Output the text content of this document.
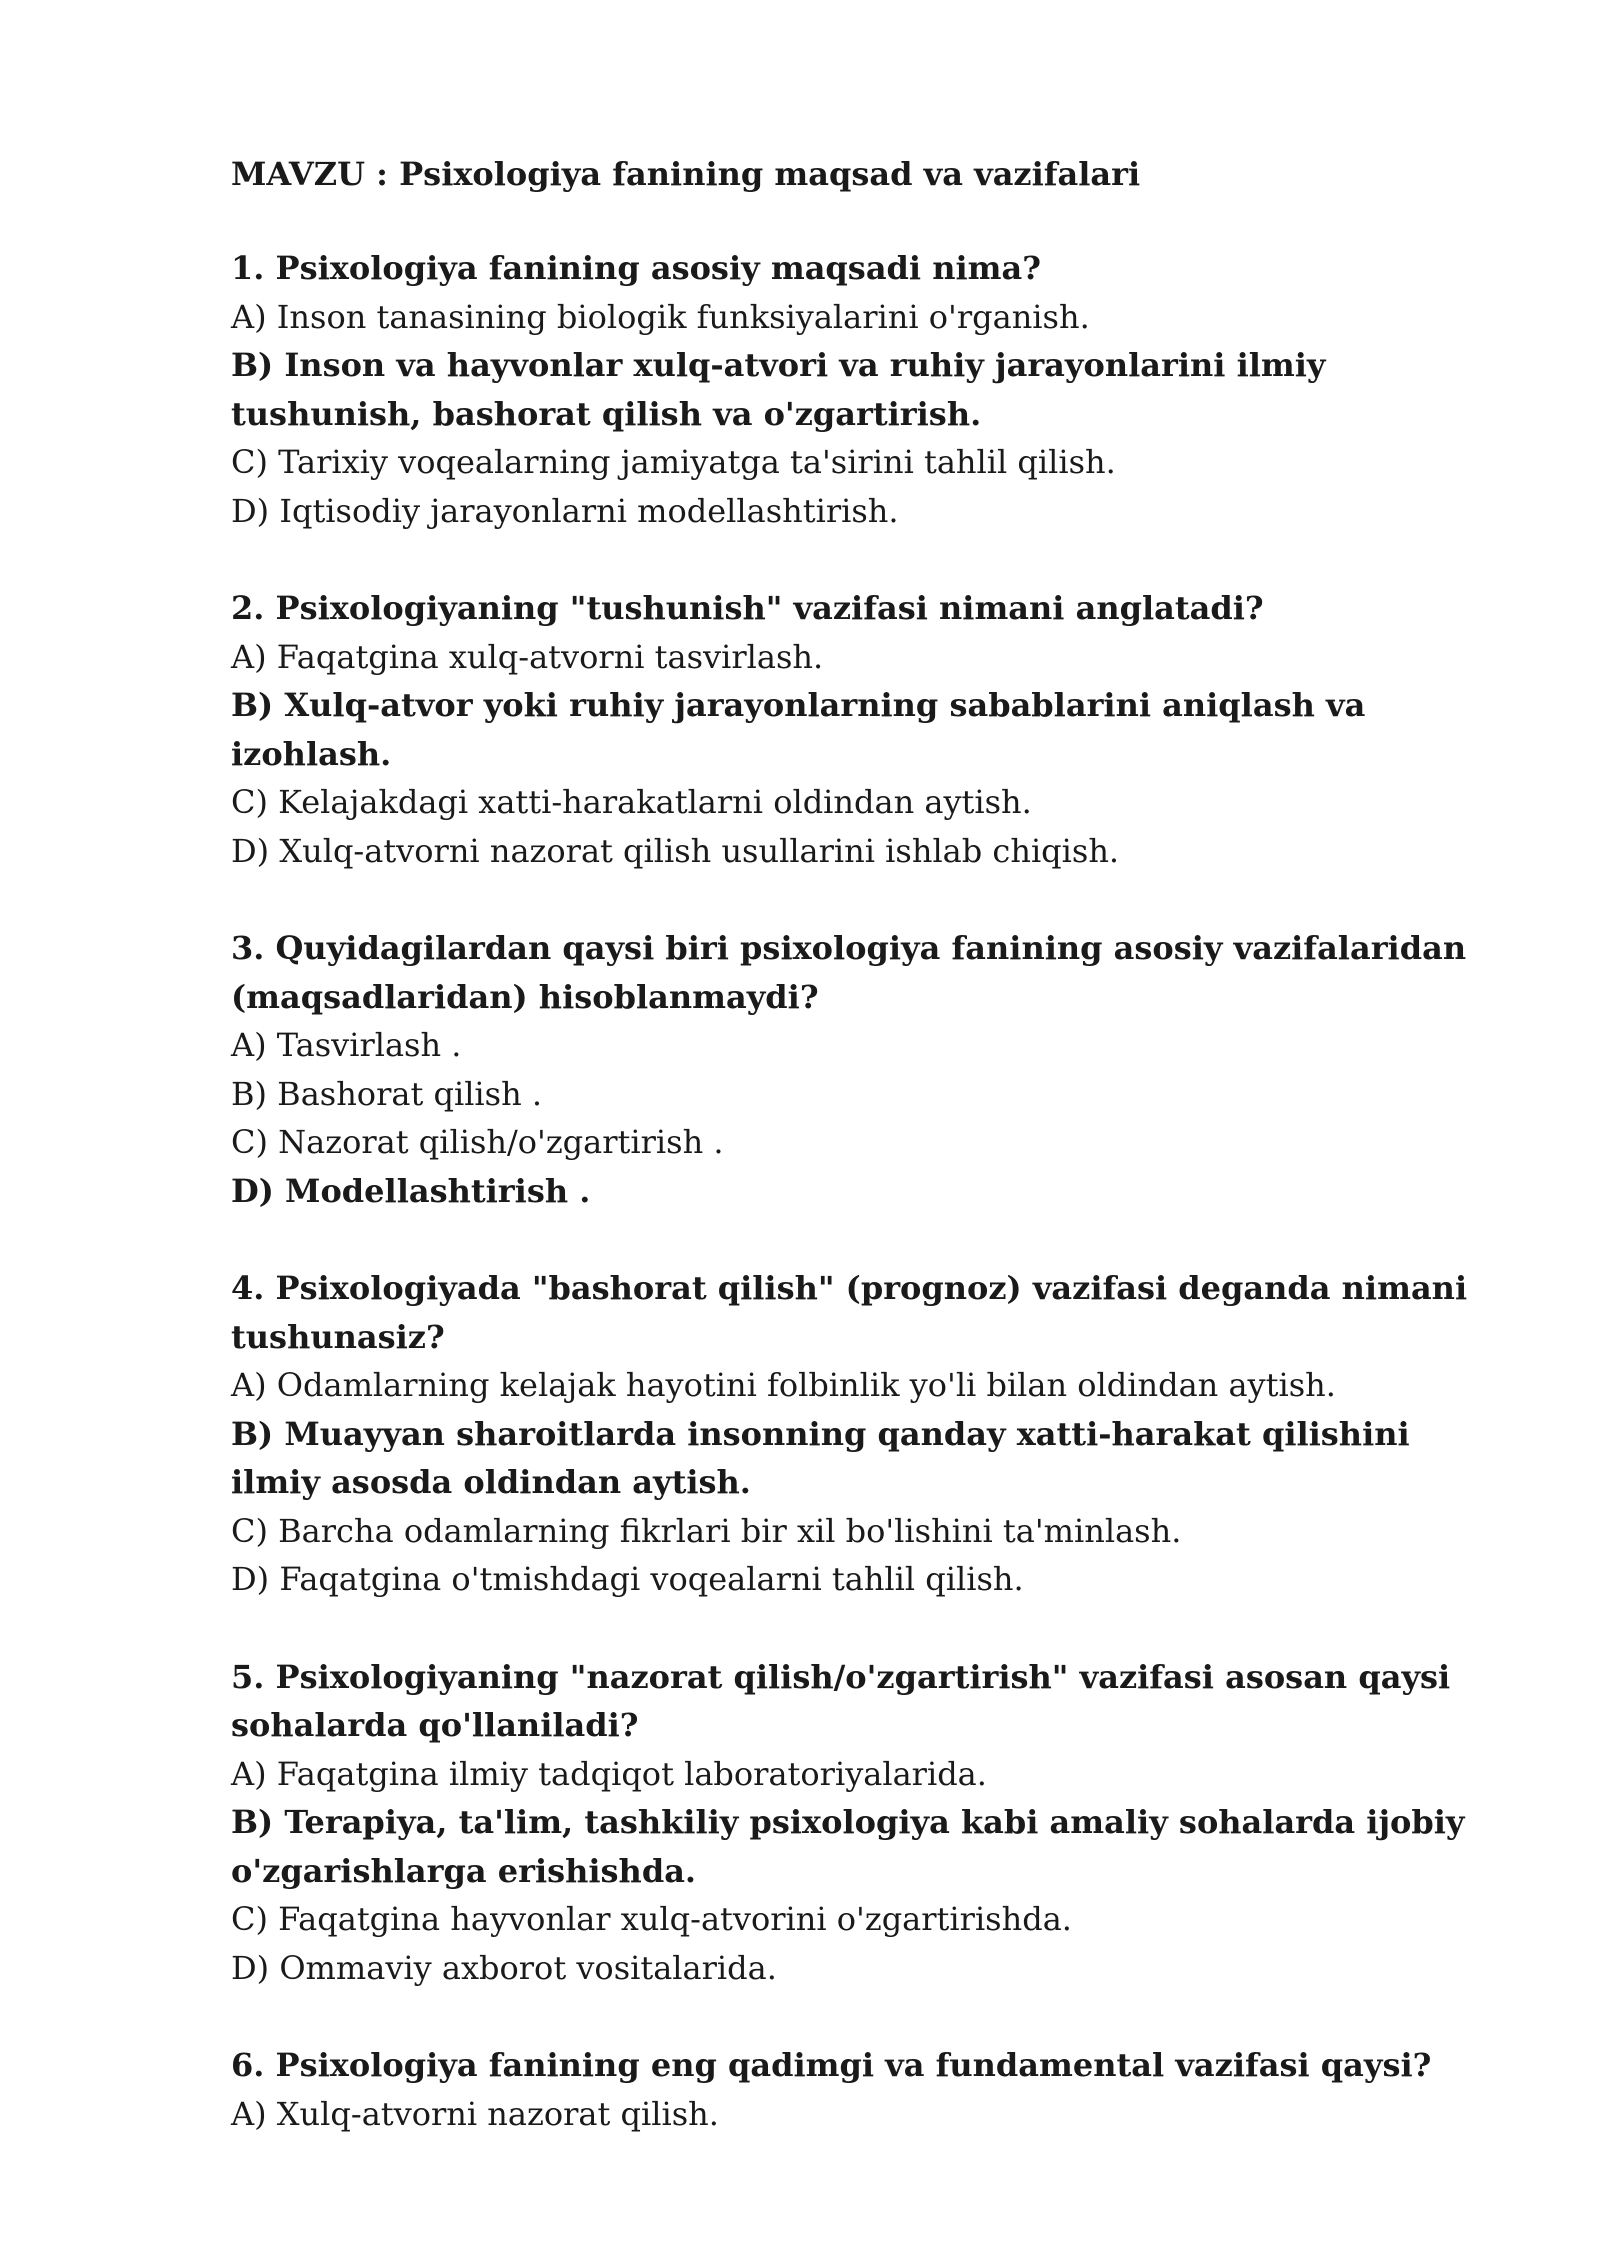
MAVZU : Psixologiya fanining maqsad va vazifalari

1. Psixologiya fanining asosiy maqsadi nima?

A) Inson tanasining biologik funksiyalarini o'rganish.

B) Inson va hayvonlar xulq-atvori va ruhiy jarayonlarini ilmiy tushunish, bashorat qilish va o'zgartirish.

C) Tarixiy voqealarning jamiyatga ta'sirini tahlil qilish.

D) Iqtisodiy jarayonlarni modellashtirish.

2. Psixologiyaning "tushunish" vazifasi nimani anglatadi?

A) Faqatgina xulq-atvorni tasvirlash.

B) Xulq-atvor yoki ruhiy jarayonlarning sabablarini aniqlash va izohlash.

C) Kelajakdagi xatti-harakatlarni oldindan aytish.

D) Xulq-atvorni nazorat qilish usullarini ishlab chiqish.

3. Quyidagilardan qaysi biri psixologiya fanining asosiy vazifalaridan (maqsadlaridan) hisoblanmaydi?

A) Tasvirlash .

B) Bashorat qilish .

C) Nazorat qilish/o'zgartirish .

D) Modellashtirish .

4. Psixologiyada "bashorat qilish" (prognoz) vazifasi deganda nimani tushunasiz?

A) Odamlarning kelajak hayotini folbinlik yo'li bilan oldindan aytish.

B) Muayyan sharoitlarda insonning qanday xatti-harakat qilishini ilmiy asosda oldindan aytish.

C) Barcha odamlarning fikrlari bir xil bo'lishini ta'minlash.

D) Faqatgina o'tmishdagi voqealarni tahlil qilish.

5. Psixologiyaning "nazorat qilish/o'zgartirish" vazifasi asosan qaysi sohalarda qo'llaniladi?

A) Faqatgina ilmiy tadqiqot laboratoriyalarida.

B) Terapiya, ta'lim, tashkiliy psixologiya kabi amaliy sohalarda ijobiy o'zgarishlarga erishishda.

C) Faqatgina hayvonlar xulq-atvorini o'zgartirishda.

D) Ommaviy axborot vositalarida.

6. Psixologiya fanining eng qadimgi va fundamental vazifasi qaysi?

A) Xulq-atvorni nazorat qilish.
